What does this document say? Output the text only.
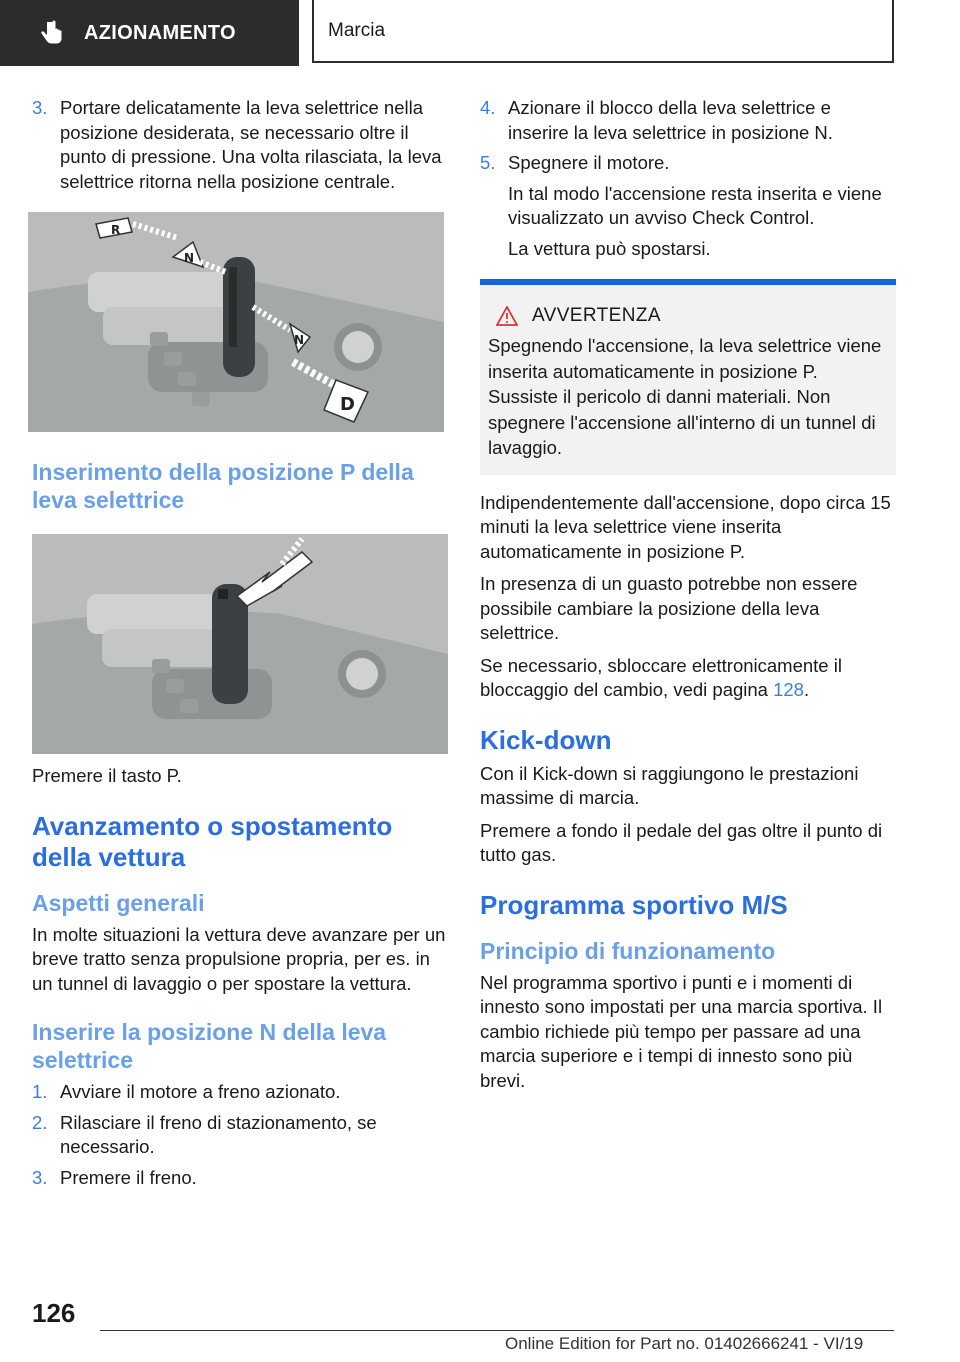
AZIONAMENTO	Marcia
3. Portare delicatamente la leva selettrice nella posizione desiderata, se necessario oltre il punto di pressione. Una volta rilasciata, la leva selettrice ritorna nella posizione centrale.
R
N
N
D
Inserimento della posizione P della leva selettrice

Premere il tasto P.

Avanzamento o spostamento della vettura
Aspetti generali

In molte situazioni la vettura deve avanzare per un breve tratto senza propulsione propria, per es. in un tunnel di lavaggio o per spostare la vettura.

Inserire la posizione N della leva selettrice
1. Avviare il motore a freno azionato.
2. Rilasciare il freno di stazionamento, se necessario.
3. Premere il freno.
4. Azionare il blocco della leva selettrice e inserire la leva selettrice in posizione N.
5. Spegnere il motore.

In tal modo l'accensione resta inserita e viene visualizzato un avviso Check Control.

La vettura può spostarsi.

AVVERTENZA

Spegnendo l'accensione, la leva selettrice viene inserita automaticamente in posizione P. Sussiste il pericolo di danni materiali. Non spegnere l'accensione all'interno di un tunnel di lavaggio.

Indipendentemente dall'accensione, dopo circa 15 minuti la leva selettrice viene inserita automaticamente in posizione P.

In presenza di un guasto potrebbe non essere possibile cambiare la posizione della leva selettrice.

Se necessario, sbloccare elettronicamente il bloccaggio del cambio, vedi pagina 128.

Kick-down

Con il Kick-down si raggiungono le prestazioni massime di marcia.

Premere a fondo il pedale del gas oltre il punto di tutto gas.

Programma sportivo M/S
Principio di funzionamento

Nel programma sportivo i punti e i momenti di innesto sono impostati per una marcia sportiva. Il cambio richiede più tempo per passare ad una marcia superiore e i tempi di innesto sono più brevi.

126
Online Edition for Part no. 01402666241 - VI/19
